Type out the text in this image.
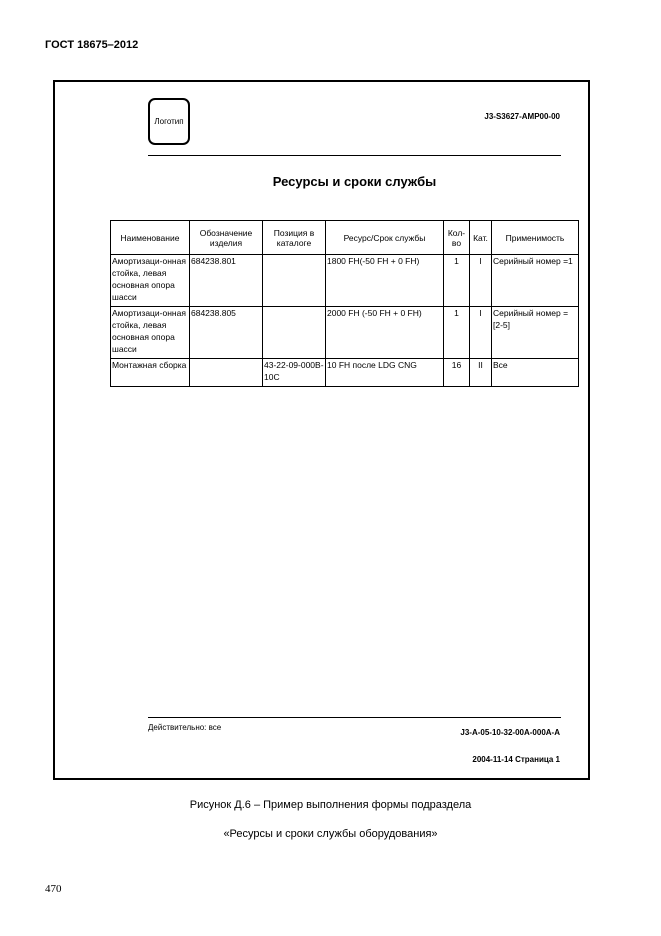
ГОСТ 18675–2012
Логотип
J3-S3627-AMP00-00
Ресурсы и сроки службы
Наименование	Обозначение изделия	Позиция в каталоге	Ресурс/Срок службы	Кол-во	Кат.	Применимость
Амортизаци-онная стойка, левая основная опора шасси	684238.801		1800 FH(-50 FH + 0 FH)	1	I	Серийный номер =1
Амортизаци-онная стойка, левая основная опора шасси	684238.805		2000 FH (-50 FH + 0 FH)	1	I	Серийный номер = [2-5]
Монтажная сборка		43-22-09-000B-10C	10 FH после LDG CNG	16	II	Все
Действительно: все
J3-A-05-10-32-00A-000A-A
2004-11-14 Страница 1
Рисунок Д.6 – Пример выполнения формы подраздела
«Ресурсы и сроки службы оборудования»
470
